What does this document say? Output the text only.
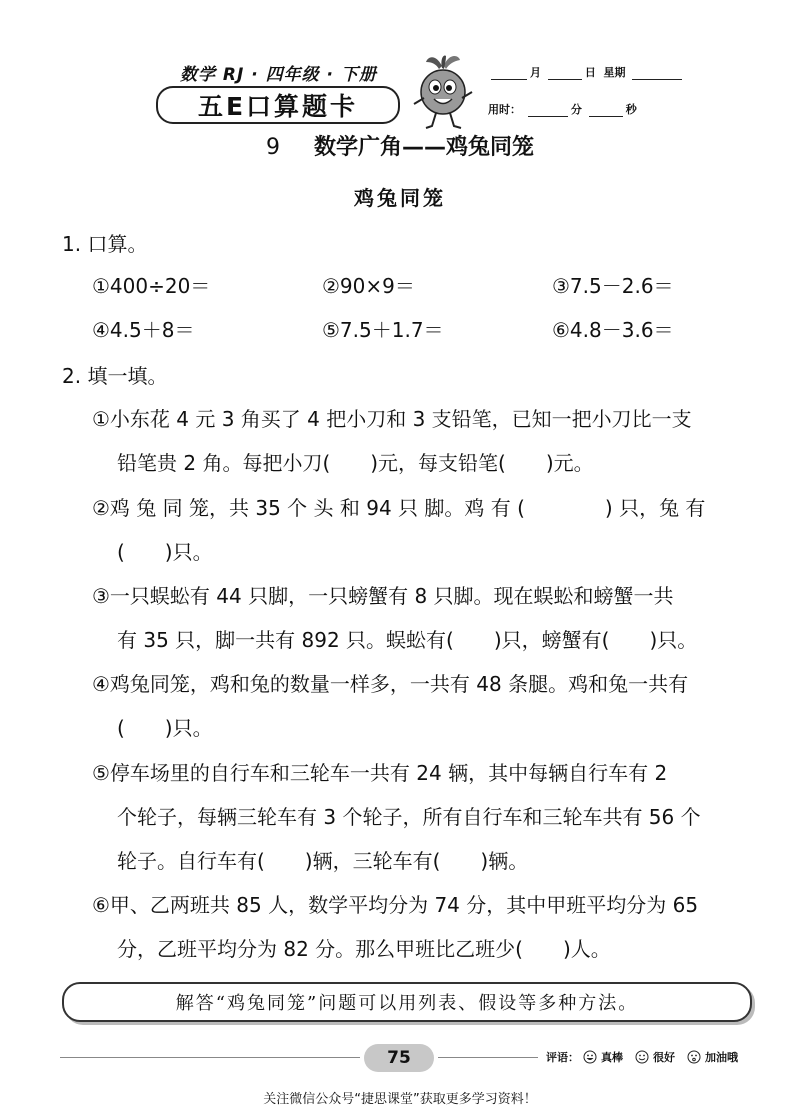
数学 RJ · 四年级 · 下册
五E口算题卡
月	日 星期
用时：	分	秒
9 数学广角——鸡兔同笼
鸡兔同笼
1. 口算。
①400÷20＝	②90×9＝	③7.5－2.6＝
④4.5＋8＝	⑤7.5＋1.7＝	⑥4.8－3.6＝
2. 填一填。
①小东花 4 元 3 角买了 4 把小刀和 3 支铅笔，已知一把小刀比一支
铅笔贵 2 角。每把小刀(　　)元，每支铅笔(　　)元。
②鸡 兔 同 笼，共 35 个 头 和 94 只 脚。鸡 有 (　　　　) 只，兔 有
(　　)只。
③一只蜈蚣有 44 只脚，一只螃蟹有 8 只脚。现在蜈蚣和螃蟹一共
有 35 只，脚一共有 892 只。蜈蚣有(　　)只，螃蟹有(　　)只。
④鸡兔同笼，鸡和兔的数量一样多，一共有 48 条腿。鸡和兔一共有
(　　)只。
⑤停车场里的自行车和三轮车一共有 24 辆，其中每辆自行车有 2
个轮子，每辆三轮车有 3 个轮子，所有自行车和三轮车共有 56 个
轮子。自行车有(　　)辆，三轮车有(　　)辆。
⑥甲、乙两班共 85 人，数学平均分为 74 分，其中甲班平均分为 65
分，乙班平均分为 82 分。那么甲班比乙班少(　　)人。
解答“鸡兔同笼”问题可以用列表、假设等多种方法。
75	评语： 真棒	很好	加油哦
关注微信公众号“捷思课堂”获取更多学习资料！
